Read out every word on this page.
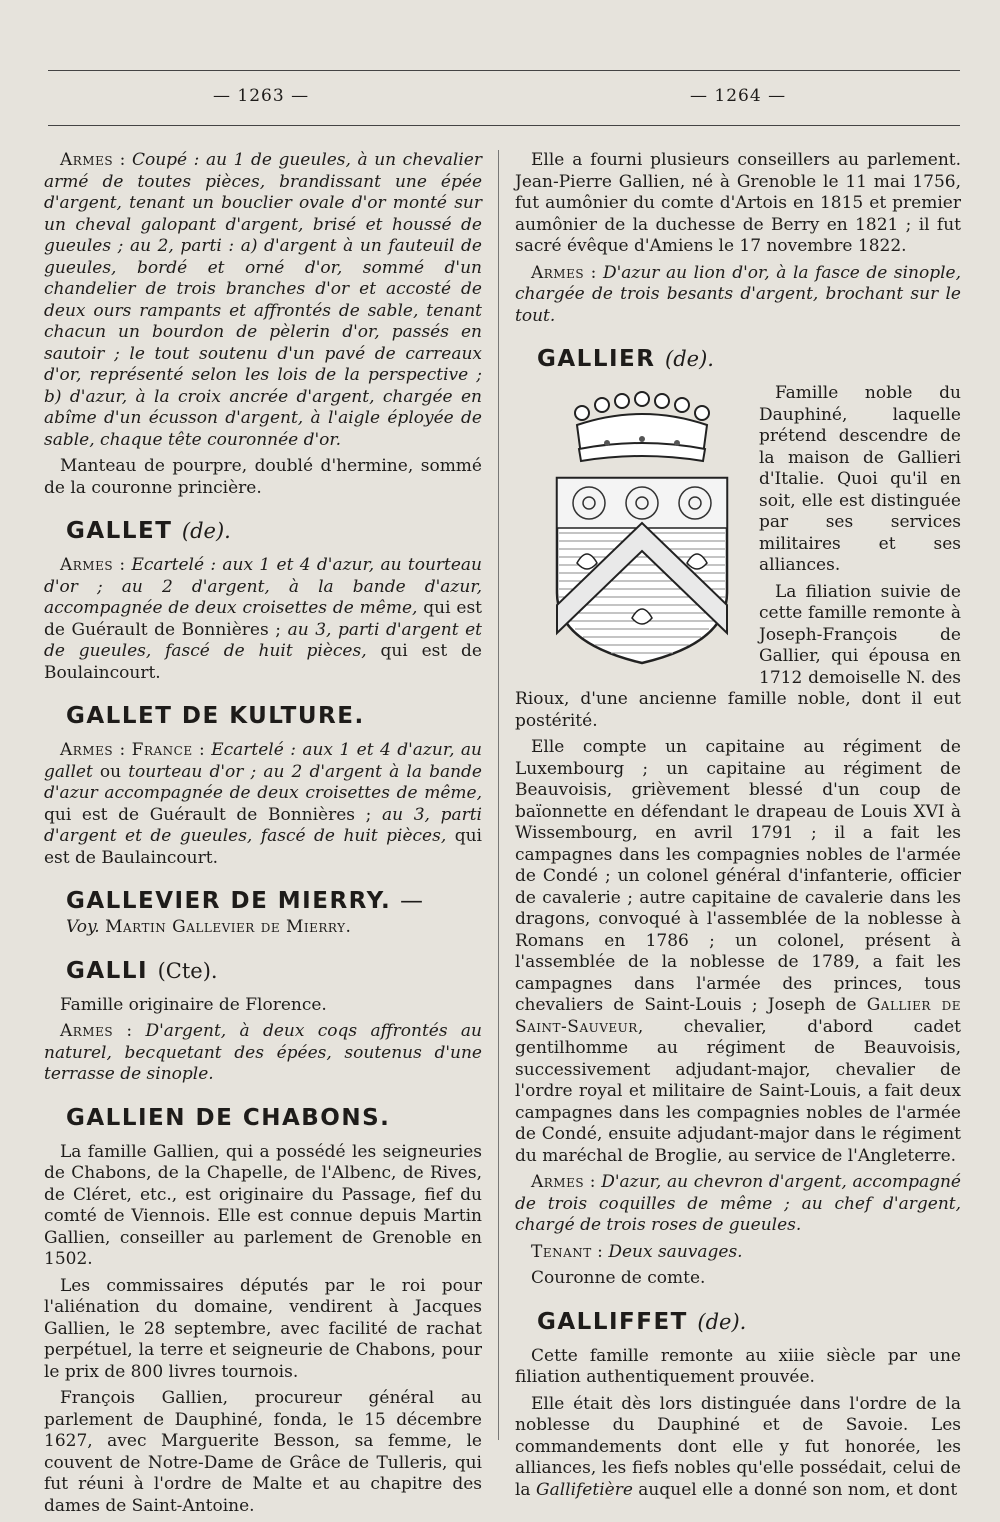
— 1263 —	— 1264 —

Armes : Coupé : au 1 de gueules, à un chevalier armé de toutes pièces, brandissant une épée d'argent, tenant un bouclier ovale d'or monté sur un cheval galopant d'argent, brisé et houssé de gueules ; au 2, parti : a) d'argent à un fauteuil de gueules, bordé et orné d'or, sommé d'un chandelier de trois branches d'or et accosté de deux ours rampants et affrontés de sable, tenant chacun un bourdon de pèlerin d'or, passés en sautoir ; le tout soutenu d'un pavé de carreaux d'or, représenté selon les lois de la perspective ; b) d'azur, à la croix ancrée d'argent, chargée en abîme d'un écusson d'argent, à l'aigle éployée de sable, chaque tête couronnée d'or.

Manteau de pourpre, doublé d'hermine, sommé de la couronne princière.

GALLET (de).

Armes : Ecartelé : aux 1 et 4 d'azur, au tourteau d'or ; au 2 d'argent, à la bande d'azur, accompagnée de deux croisettes de même, qui est de Guérault de Bonnières ; au 3, parti d'argent et de gueules, fascé de huit pièces, qui est de Boulaincourt.

GALLET DE KULTURE.

Armes : France : Ecartelé : aux 1 et 4 d'azur, au gallet ou tourteau d'or ; au 2 d'argent à la bande d'azur accompagnée de deux croisettes de même, qui est de Guérault de Bonnières ; au 3, parti d'argent et de gueules, fascé de huit pièces, qui est de Baulaincourt.

GALLEVIER DE MIERRY. —

Voy. Martin Gallevier de Mierry.

GALLI (Cte).

Famille originaire de Florence.

Armes : D'argent, à deux coqs affrontés au naturel, becquetant des épées, soutenus d'une terrasse de sinople.

GALLIEN DE CHABONS.

La famille Gallien, qui a possédé les seigneuries de Chabons, de la Chapelle, de l'Albenc, de Rives, de Cléret, etc., est originaire du Passage, fief du comté de Viennois. Elle est connue depuis Martin Gallien, conseiller au parlement de Grenoble en 1502.

Les commissaires députés par le roi pour l'aliénation du domaine, vendirent à Jacques Gallien, le 28 septembre, avec facilité de rachat perpétuel, la terre et seigneurie de Chabons, pour le prix de 800 livres tournois.

François Gallien, procureur général au parlement de Dauphiné, fonda, le 15 décembre 1627, avec Marguerite Besson, sa femme, le couvent de Notre-Dame de Grâce de Tulleris, qui fut réuni à l'ordre de Malte et au chapitre des dames de Saint-Antoine.

Elle a fourni plusieurs conseillers au parlement. Jean-Pierre Gallien, né à Grenoble le 11 mai 1756, fut aumônier du comte d'Artois en 1815 et premier aumônier de la duchesse de Berry en 1821 ; il fut sacré évêque d'Amiens le 17 novembre 1822.

Armes : D'azur au lion d'or, à la fasce de sinople, chargée de trois besants d'argent, brochant sur le tout.

GALLIER (de).

Famille noble du Dauphiné, laquelle prétend descendre de la maison de Gallieri d'Italie. Quoi qu'il en soit, elle est distinguée par ses services militaires et ses alliances.

La filiation suivie de cette famille remonte à Joseph-François de Gallier, qui épousa en 1712 demoiselle N. des Rioux, d'une ancienne famille noble, dont il eut postérité.

Elle compte un capitaine au régiment de Luxembourg ; un capitaine au régiment de Beauvoisis, grièvement blessé d'un coup de baïonnette en défendant le drapeau de Louis XVI à Wissembourg, en avril 1791 ; il a fait les campagnes dans les compagnies nobles de l'armée de Condé ; un colonel général d'infanterie, officier de cavalerie ; autre capitaine de cavalerie dans les dragons, convoqué à l'assemblée de la noblesse à Romans en 1786 ; un colonel, présent à l'assemblée de la noblesse de 1789, a fait les campagnes dans l'armée des princes, tous chevaliers de Saint-Louis ; Joseph de Gallier de Saint-Sauveur, chevalier, d'abord cadet gentilhomme au régiment de Beauvoisis, successivement adjudant-major, chevalier de l'ordre royal et militaire de Saint-Louis, a fait deux campagnes dans les compagnies nobles de l'armée de Condé, ensuite adjudant-major dans le régiment du maréchal de Broglie, au service de l'Angleterre.

Armes : D'azur, au chevron d'argent, accompagné de trois coquilles de même ; au chef d'argent, chargé de trois roses de gueules.

Tenant : Deux sauvages.

Couronne de comte.

GALLIFFET (de).

Cette famille remonte au xiiie siècle par une filiation authentiquement prouvée.

Elle était dès lors distinguée dans l'ordre de la noblesse du Dauphiné et de Savoie. Les commandements dont elle y fut honorée, les alliances, les fiefs nobles qu'elle possédait, celui de la Gallifetière auquel elle a donné son nom, et dont
